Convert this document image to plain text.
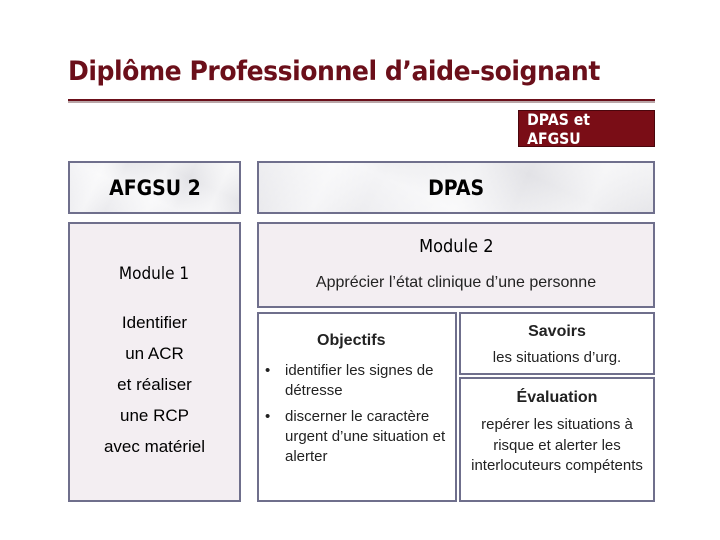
Diplôme Professionnel d’aide-soignant
DPAS et AFGSU
AFGSU 2	DPAS
Module 1
Identifier
un ACR
et réaliser
une RCP
avec matériel
Module 2
Apprécier l’état clinique d’une personne
Objectifs
• identifier les signes de détresse
• discerner le caractère urgent d’une situation et alerter
Savoirs
les situations d’urg.
Évaluation
repérer les situations à risque et alerter les interlocuteurs compétents
